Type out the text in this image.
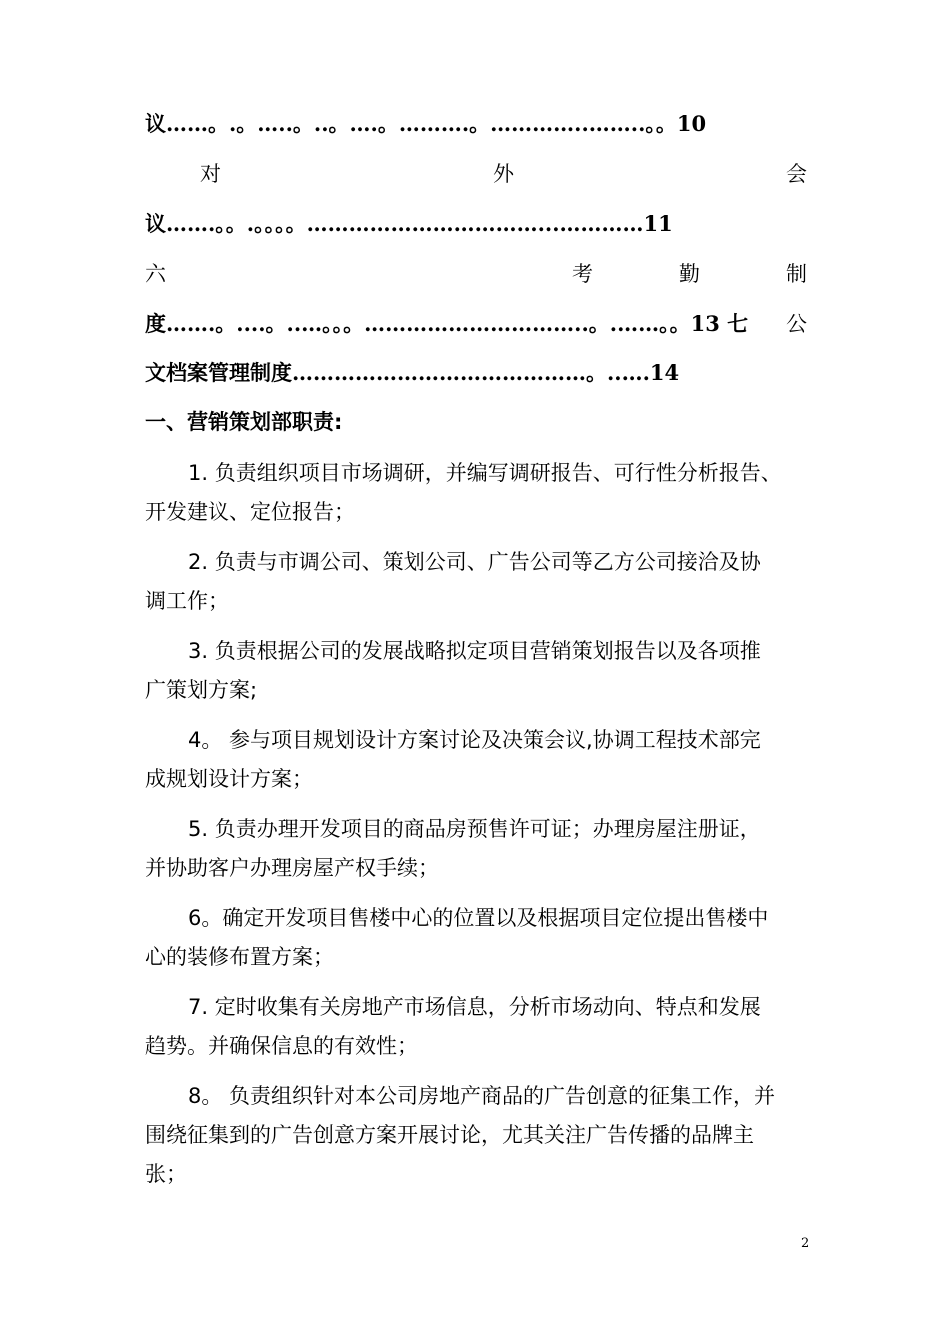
议……。.。…..。..。….。……….。…………..……..。。10
对	外	会
议…….。。.。。。。……………………………...…………11
六	考	勤	制
度…….。....。..…。。。…………………………..。.……。。13 七 公
文档案管理制度……………………………………。..….14
一、营销策划部职责:
1. 负责组织项目市场调研，并编写调研报告、可行性分析报告、
开发建议、定位报告；
2. 负责与市调公司、策划公司、广告公司等乙方公司接洽及协
调工作；
3. 负责根据公司的发展战略拟定项目营销策划报告以及各项推
广策划方案;
4。 参与项目规划设计方案讨论及决策会议,协调工程技术部完
成规划设计方案；
5. 负责办理开发项目的商品房预售许可证；办理房屋注册证，
并协助客户办理房屋产权手续；
6。确定开发项目售楼中心的位置以及根据项目定位提出售楼中
心的装修布置方案；
7. 定时收集有关房地产市场信息，分析市场动向、特点和发展
趋势。并确保信息的有效性；
8。 负责组织针对本公司房地产商品的广告创意的征集工作，并
围绕征集到的广告创意方案开展讨论，尤其关注广告传播的品牌主
张；
2
